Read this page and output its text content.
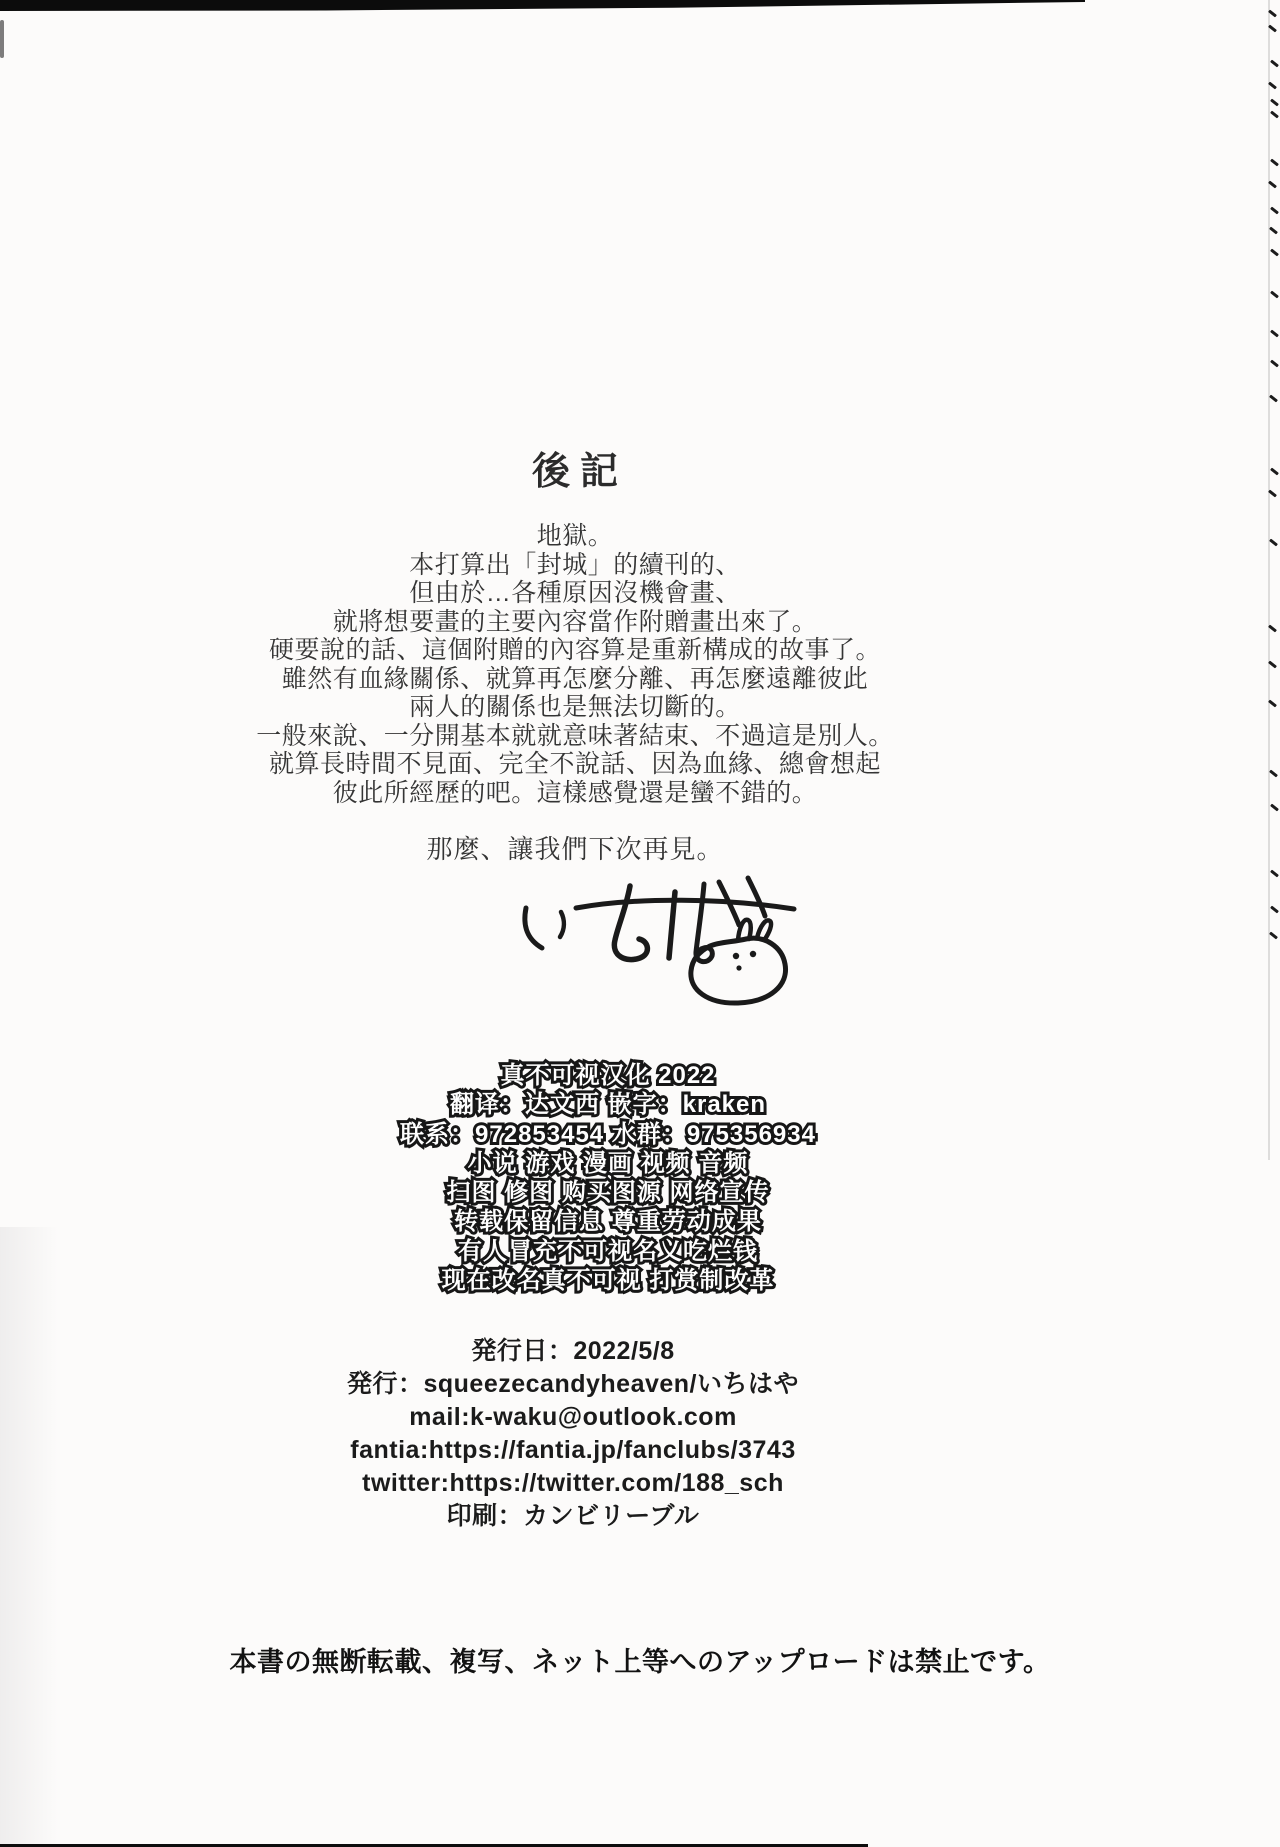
後記

地獄。

本打算出「封城」的續刊的、

但由於…各種原因沒機會畫、

就將想要畫的主要內容當作附贈畫出來了。

硬要說的話、這個附贈的內容算是重新構成的故事了。

雖然有血緣關係、就算再怎麼分離、再怎麼遠離彼此

兩人的關係也是無法切斷的。

一般來說、一分開基本就就意味著結束、不過這是別人。

就算長時間不見面、完全不說話、因為血緣、總會想起

彼此所經歷的吧。這樣感覺還是蠻不錯的。

那麼、讓我們下次再見。

真不可视汉化 2022

翻译：达文西 嵌字：kraken

联系：972853454 水群：975356934

小说 游戏 漫画 视频 音频

扫图 修图 购买图源 网络宣传

转载保留信息 尊重劳动成果

有人冒充不可视名义吃烂钱

现在改名真不可视 打赏制改革

発行日：2022/5/8

発行：squeezecandyheaven/いちはや

mail:k-waku@outlook.com

fantia:https://fantia.jp/fanclubs/3743

twitter:https://twitter.com/188_sch

印刷：カンビリーブル

本書の無断転載、複写、ネット上等へのアップロードは禁止です。
